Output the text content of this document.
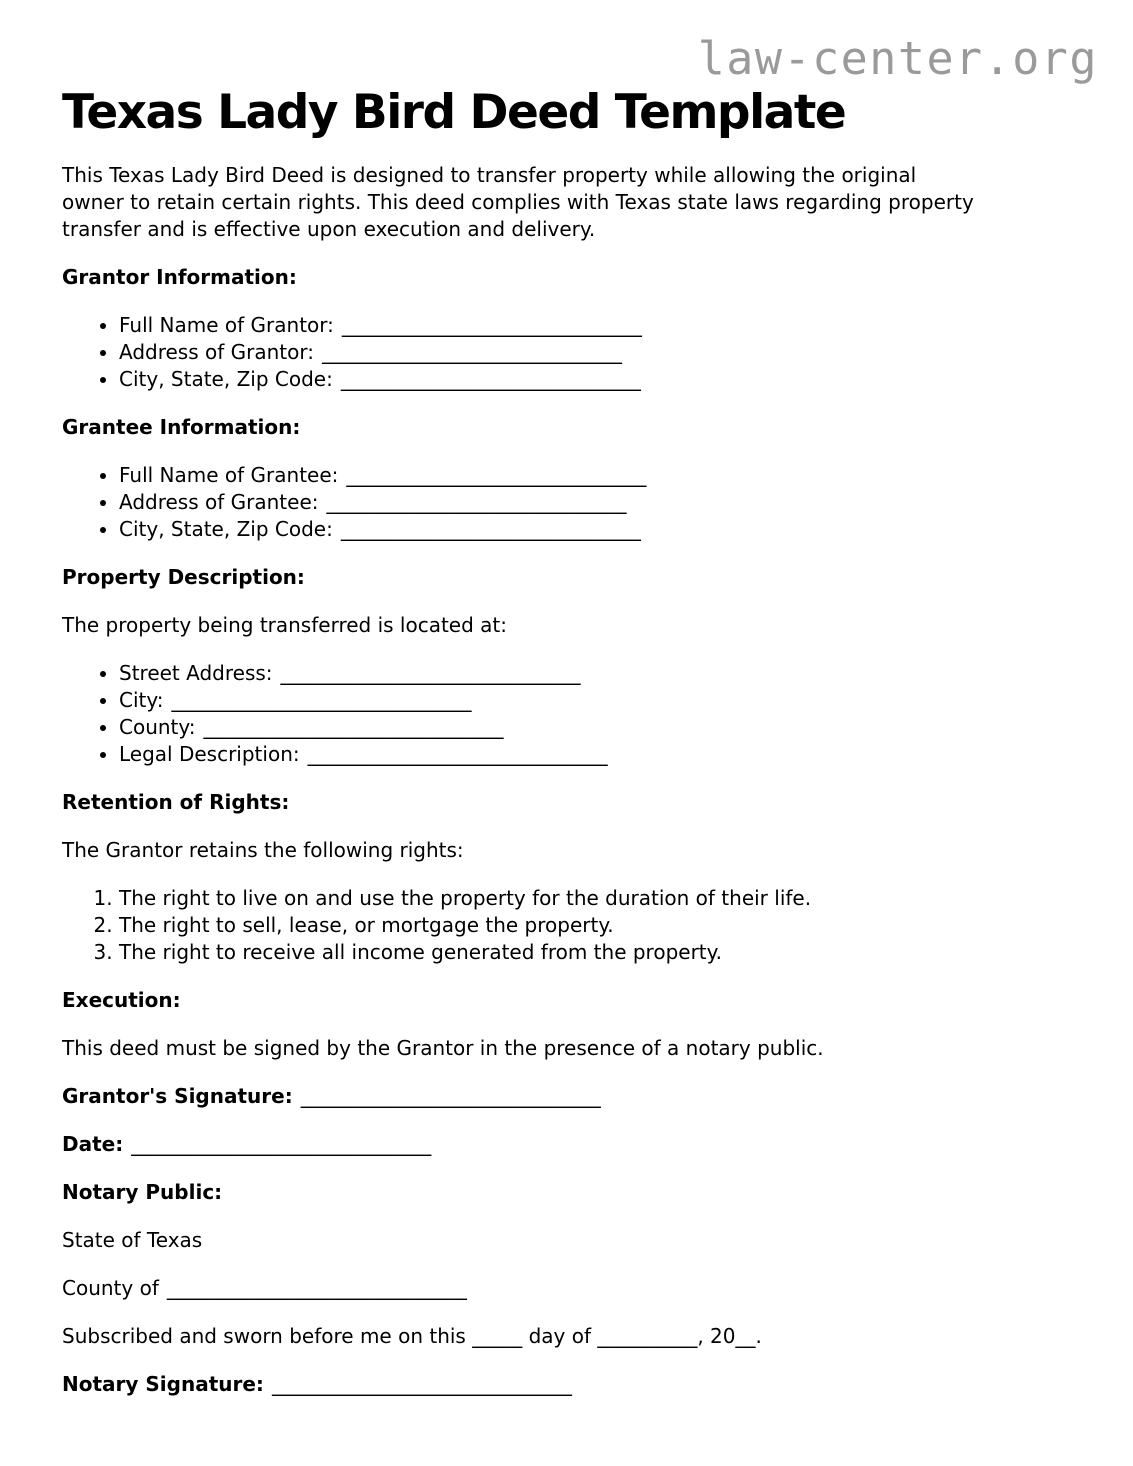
law-center.org
Texas Lady Bird Deed Template

This Texas Lady Bird Deed is designed to transfer property while allowing the original
owner to retain certain rights. This deed complies with Texas state laws regarding property
transfer and is effective upon execution and delivery.

Grantor Information:
• Full Name of Grantor: ______________________________
• Address of Grantor: ______________________________
• City, State, Zip Code: ______________________________
Grantee Information:
• Full Name of Grantee: ______________________________
• Address of Grantee: ______________________________
• City, State, Zip Code: ______________________________
Property Description:

The property being transferred is located at:

• Street Address: ______________________________
• City: ______________________________
• County: ______________________________
• Legal Description: ______________________________
Retention of Rights:

The Grantor retains the following rights:

1. The right to live on and use the property for the duration of their life.
2. The right to sell, lease, or mortgage the property.
3. The right to receive all income generated from the property.
Execution:

This deed must be signed by the Grantor in the presence of a notary public.

Grantor's Signature: ______________________________

Date: ______________________________

Notary Public:

State of Texas

County of ______________________________

Subscribed and sworn before me on this _____ day of __________, 20__.

Notary Signature: ______________________________
